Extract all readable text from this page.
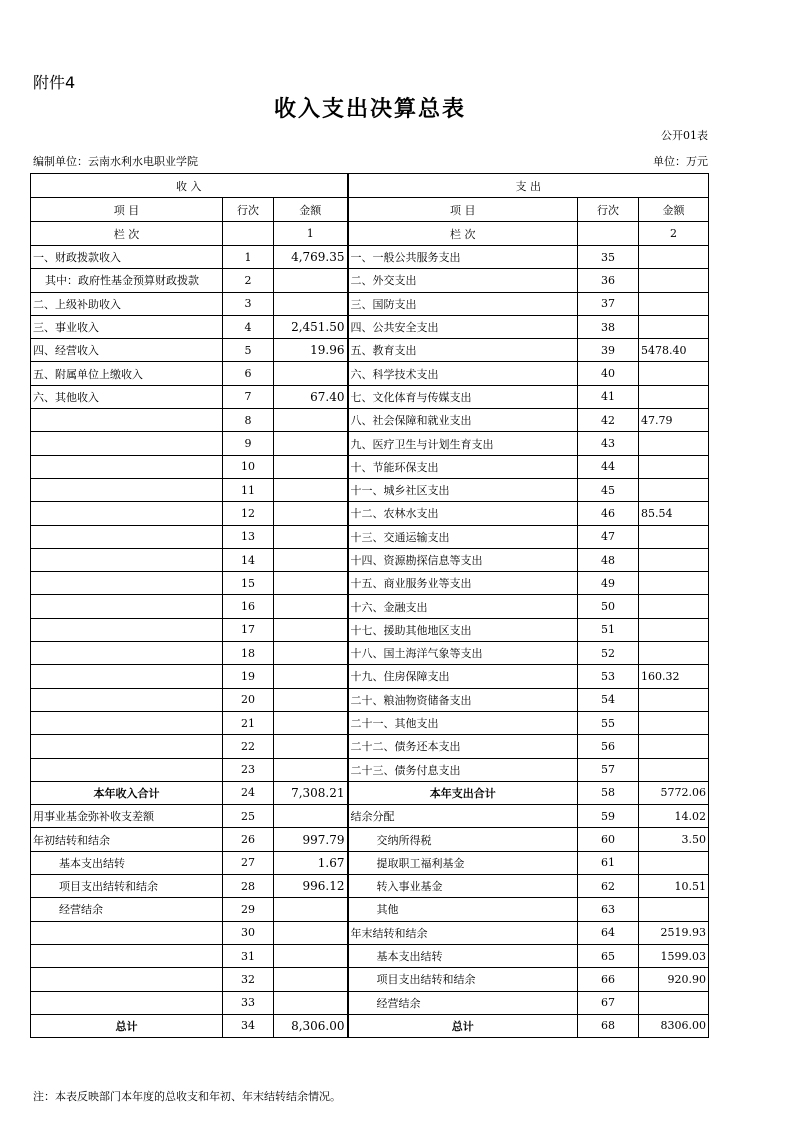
附件4
收入支出决算总表
公开01表
编制单位：云南水利水电职业学院	单位：万元
收 入			支 出		
项 目	行次	金额	项 目	行次	金额
栏 次		1	栏 次		2
一、财政拨款收入	1	4,769.35	一、一般公共服务支出	35	
其中：政府性基金预算财政拨款	2		二、外交支出	36	
二、上级补助收入	3		三、国防支出	37	
三、事业收入	4	2,451.50	四、公共安全支出	38	
四、经营收入	5	19.96	五、教育支出	39	5478.40
五、附属单位上缴收入	6		六、科学技术支出	40	
六、其他收入	7	67.40	七、文化体育与传媒支出	41	
	8		八、社会保障和就业支出	42	47.79
	9		九、医疗卫生与计划生育支出	43	
	10		十、节能环保支出	44	
	11		十一、城乡社区支出	45	
	12		十二、农林水支出	46	85.54
	13		十三、交通运输支出	47	
	14		十四、资源勘探信息等支出	48	
	15		十五、商业服务业等支出	49	
	16		十六、金融支出	50	
	17		十七、援助其他地区支出	51	
	18		十八、国土海洋气象等支出	52	
	19		十九、住房保障支出	53	160.32
	20		二十、粮油物资储备支出	54	
	21		二十一、其他支出	55	
	22		二十二、债务还本支出	56	
	23		二十三、债务付息支出	57	
本年收入合计	24	7,308.21	本年支出合计	58	5772.06
用事业基金弥补收支差额	25		结余分配	59	14.02
年初结转和结余	26	997.79	交纳所得税	60	3.50
基本支出结转	27	1.67	提取职工福利基金	61	
项目支出结转和结余	28	996.12	转入事业基金	62	10.51
经营结余	29		其他	63	
	30		年末结转和结余	64	2519.93
	31		基本支出结转	65	1599.03
	32		项目支出结转和结余	66	920.90
	33		经营结余	67	
总计	34	8,306.00	总计	68	8306.00
注：本表反映部门本年度的总收支和年初、年末结转结余情况。
